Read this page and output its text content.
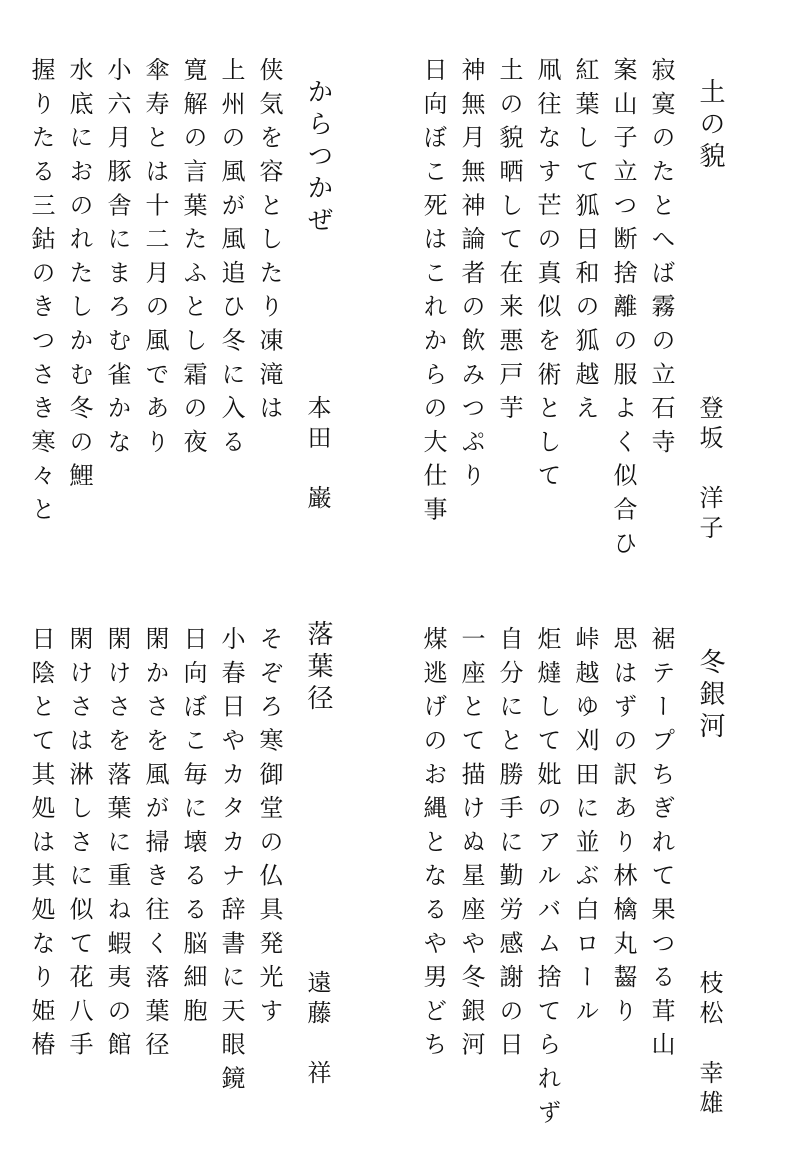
土の貌
登坂　洋子
寂寞のたとへば霧の立石寺
案山子立つ断捨離の服よく似合ひ
紅葉して狐日和の狐越え
凧往なす芒の真似を術として
土の貌晒して在来悪戸芋
神無月無神論者の飲みつぷり
日向ぼこ死はこれからの大仕事
からつかぜ
本田　巌
侠気を容としたり凍滝は
上州の風が風追ひ冬に入る
寛解の言葉たふとし霜の夜
傘寿とは十二月の風であり
小六月豚舎にまろむ雀かな
水底におのれたしかむ冬の鯉
握りたる三鈷のきつさき寒々と
冬銀河
枝松　幸雄
裾テープちぎれて果つる茸山
思はずの訳あり林檎丸齧り
峠越ゆ刈田に並ぶ白ロール
炬燵して妣のアルバム捨てられず
自分にと勝手に勤労感謝の日
一座とて描けぬ星座や冬銀河
煤逃げのお縄となるや男どち
落葉径
遠藤　祥
そぞろ寒御堂の仏具発光す
小春日やカタカナ辞書に天眼鏡
日向ぼこ毎に壊るる脳細胞
閑かさを風が掃き往く落葉径
閑けさを落葉に重ね蝦夷の館
閑けさは淋しさに似て花八手
日陰とて其処は其処なり姫椿
